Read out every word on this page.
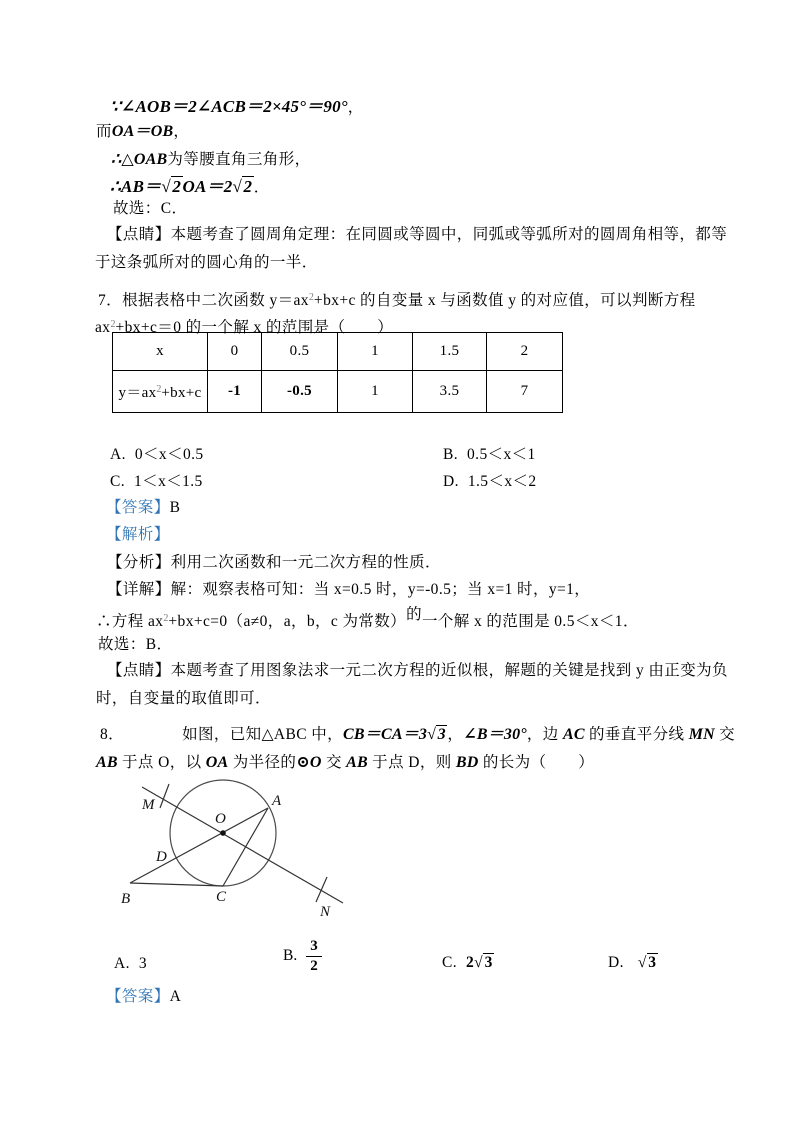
∵∠AOB＝2∠ACB＝2×45°＝90°，
而OA＝OB，
∴△OAB为等腰直角三角形，
∴AB＝√2OA＝2√2．
故选：C．
【点睛】本题考查了圆周角定理：在同圆或等圆中，同弧或等弧所对的圆周角相等，都等
于这条弧所对的圆心角的一半．
7．根据表格中二次函数 $y=ax^2+bx+c$ 的自变量 x 与函数值 y 的对应值，可以判断方程
$ax^2+bx+c=0$ 的一个解 x 的范围是（　　）
x	0	0.5	1	1.5	2
$y=ax^2+bx+c$	-1	-0.5	1	3.5	7
A. 0＜x＜0.5	B. 0.5＜x＜1
C. 1＜x＜1.5	D. 1.5＜x＜2
【答案】B
【解析】
【分析】利用二次函数和一元二次方程的性质．
【详解】解：观察表格可知：当 x=0.5 时，y=-0.5；当 x=1 时，y=1，
∴方程 $ax^2+bx+c=0(a\ne 0$，a，b，c 为常数）的一个解 x 的范围是 0.5＜x＜1．
故选：B．
【点睛】本题考查了用图象法求一元二次方程的近似根，解题的关键是找到 y 由正变为负
时，自变量的取值即可．
8．	如图，已知△ABC 中，CB＝CA＝3√3，∠B＝30°，边 AC 的垂直平分线 MN 交
AB 于点 O，以 OA 为半径的⊙O 交 AB 于点 D，则 BD 的长为（　　）
M	A
O
D
B	C
N
A. 3	B. $\frac{3}{2}$	C. 2√3	D. √3
【答案】A
